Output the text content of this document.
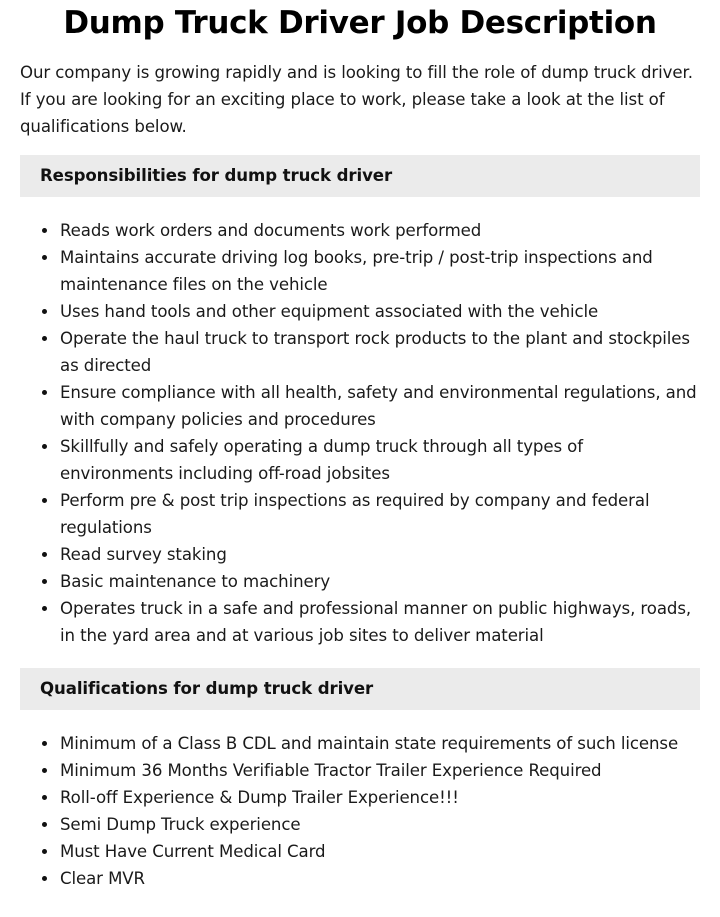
Dump Truck Driver Job Description

Our company is growing rapidly and is looking to fill the role of dump truck driver. If you are looking for an exciting place to work, please take a look at the list of qualifications below.

Responsibilities for dump truck driver
Reads work orders and documents work performed
Maintains accurate driving log books, pre-trip / post-trip inspections and maintenance files on the vehicle
Uses hand tools and other equipment associated with the vehicle
Operate the haul truck to transport rock products to the plant and stockpiles as directed
Ensure compliance with all health, safety and environmental regulations, and with company policies and procedures
Skillfully and safely operating a dump truck through all types of environments including off-road jobsites
Perform pre & post trip inspections as required by company and federal regulations
Read survey staking
Basic maintenance to machinery
Operates truck in a safe and professional manner on public highways, roads, in the yard area and at various job sites to deliver material
Qualifications for dump truck driver
Minimum of a Class B CDL and maintain state requirements of such license
Minimum 36 Months Verifiable Tractor Trailer Experience Required
Roll-off Experience & Dump Trailer Experience!!!
Semi Dump Truck experience
Must Have Current Medical Card
Clear MVR
